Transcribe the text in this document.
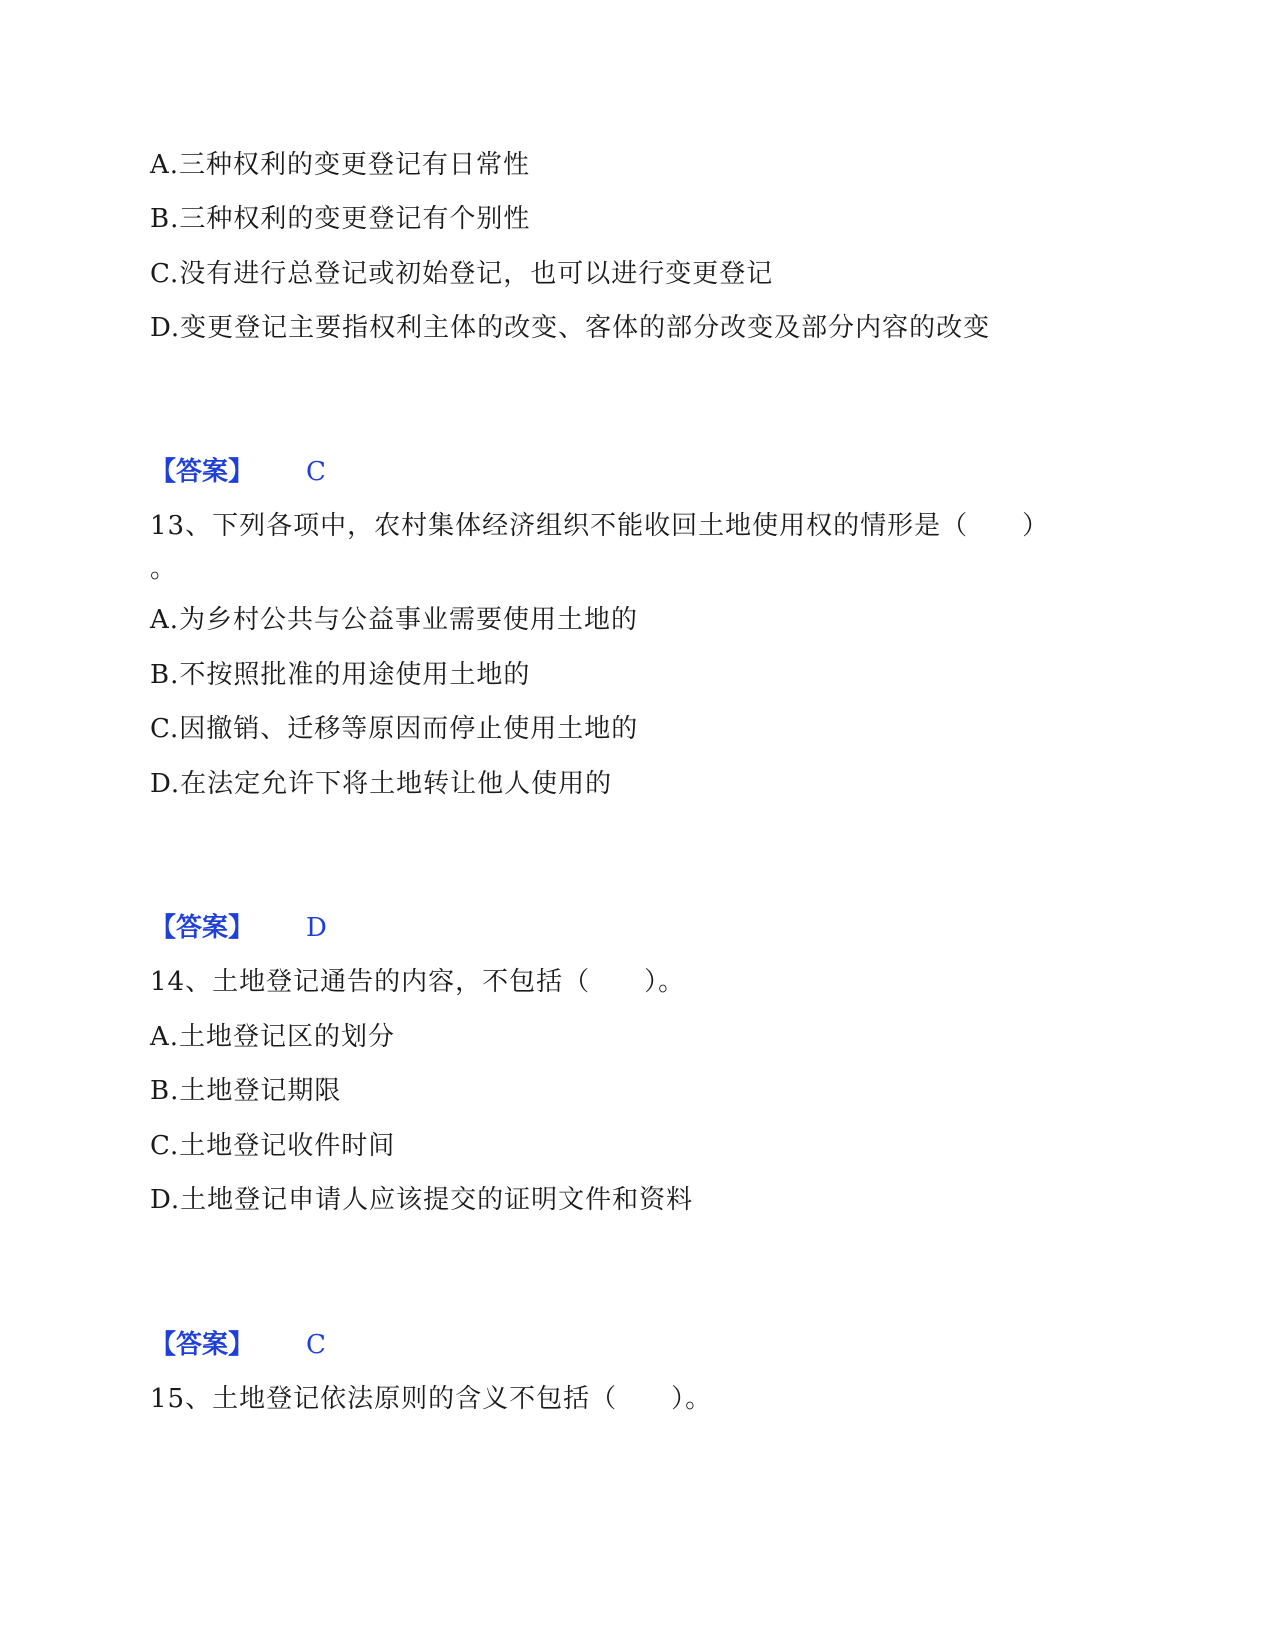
A.三种权利的变更登记有日常性
B.三种权利的变更登记有个别性
C.没有进行总登记或初始登记，也可以进行变更登记
D.变更登记主要指权利主体的改变、客体的部分改变及部分内容的改变
【答案】 C
13、下列各项中，农村集体经济组织不能收回土地使用权的情形是（　　）
。
A.为乡村公共与公益事业需要使用土地的
B.不按照批准的用途使用土地的
C.因撤销、迁移等原因而停止使用土地的
D.在法定允许下将土地转让他人使用的
【答案】 D
14、土地登记通告的内容，不包括（　　）。
A.土地登记区的划分
B.土地登记期限
C.土地登记收件时间
D.土地登记申请人应该提交的证明文件和资料
【答案】 C
15、土地登记依法原则的含义不包括（　　）。
